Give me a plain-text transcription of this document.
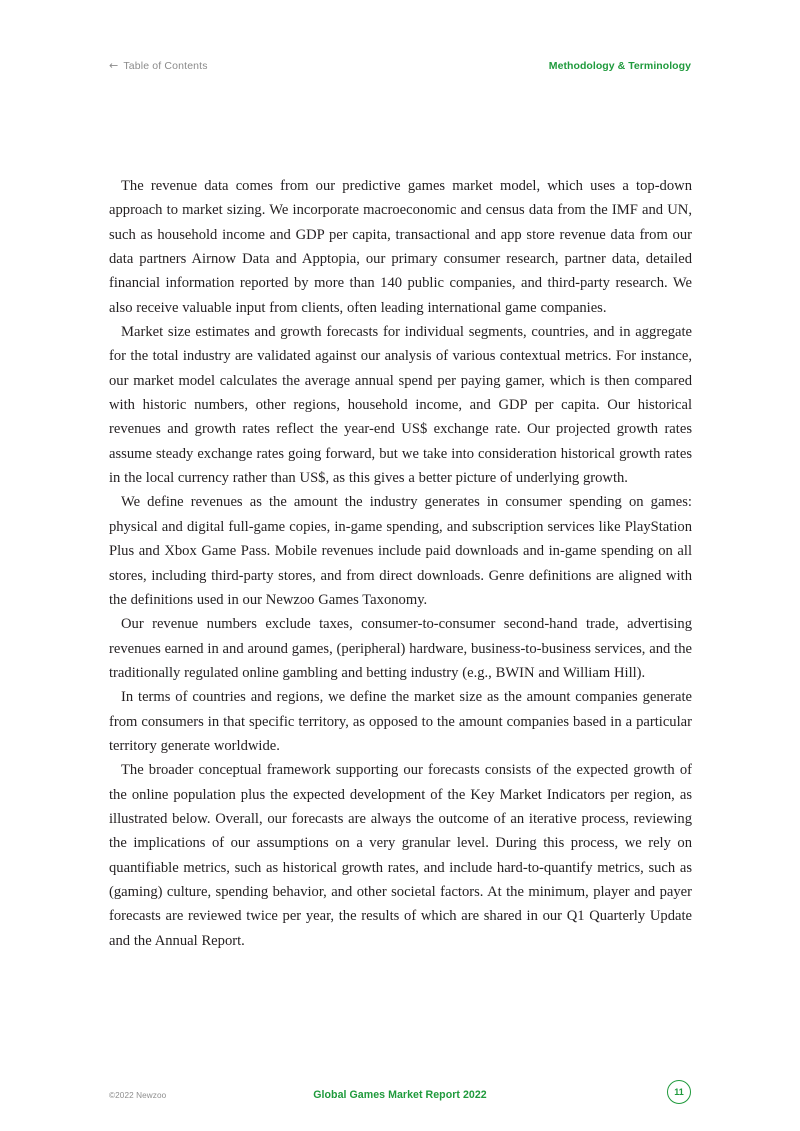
← Table of Contents	Methodology & Terminology

The revenue data comes from our predictive games market model, which uses a top-down approach to market sizing. We incorporate macroeconomic and census data from the IMF and UN, such as household income and GDP per capita, transactional and app store revenue data from our data partners Airnow Data and Apptopia, our primary consumer research, partner data, detailed financial information reported by more than 140 public companies, and third-party research. We also receive valuable input from clients, often leading international game companies.

Market size estimates and growth forecasts for individual segments, countries, and in aggregate for the total industry are validated against our analysis of various contextual metrics. For instance, our market model calculates the average annual spend per paying gamer, which is then compared with historic numbers, other regions, household income, and GDP per capita. Our historical revenues and growth rates reflect the year-end US$ exchange rate. Our projected growth rates assume steady exchange rates going forward, but we take into consideration historical growth rates in the local currency rather than US$, as this gives a better picture of underlying growth.

We define revenues as the amount the industry generates in consumer spending on games: physical and digital full-game copies, in-game spending, and subscription services like PlayStation Plus and Xbox Game Pass. Mobile revenues include paid downloads and in-game spending on all stores, including third-party stores, and from direct downloads. Genre definitions are aligned with the definitions used in our Newzoo Games Taxonomy.

Our revenue numbers exclude taxes, consumer-to-consumer second-hand trade, advertising revenues earned in and around games, (peripheral) hardware, business-to-business services, and the traditionally regulated online gambling and betting industry (e.g., BWIN and William Hill).

In terms of countries and regions, we define the market size as the amount companies generate from consumers in that specific territory, as opposed to the amount companies based in a particular territory generate worldwide.

The broader conceptual framework supporting our forecasts consists of the expected growth of the online population plus the expected development of the Key Market Indicators per region, as illustrated below. Overall, our forecasts are always the outcome of an iterative process, reviewing the implications of our assumptions on a very granular level. During this process, we rely on quantifiable metrics, such as historical growth rates, and include hard-to-quantify metrics, such as (gaming) culture, spending behavior, and other societal factors. At the minimum, player and payer forecasts are reviewed twice per year, the results of which are shared in our Q1 Quarterly Update and the Annual Report.

©2022 Newzoo	Global Games Market Report 2022	11
